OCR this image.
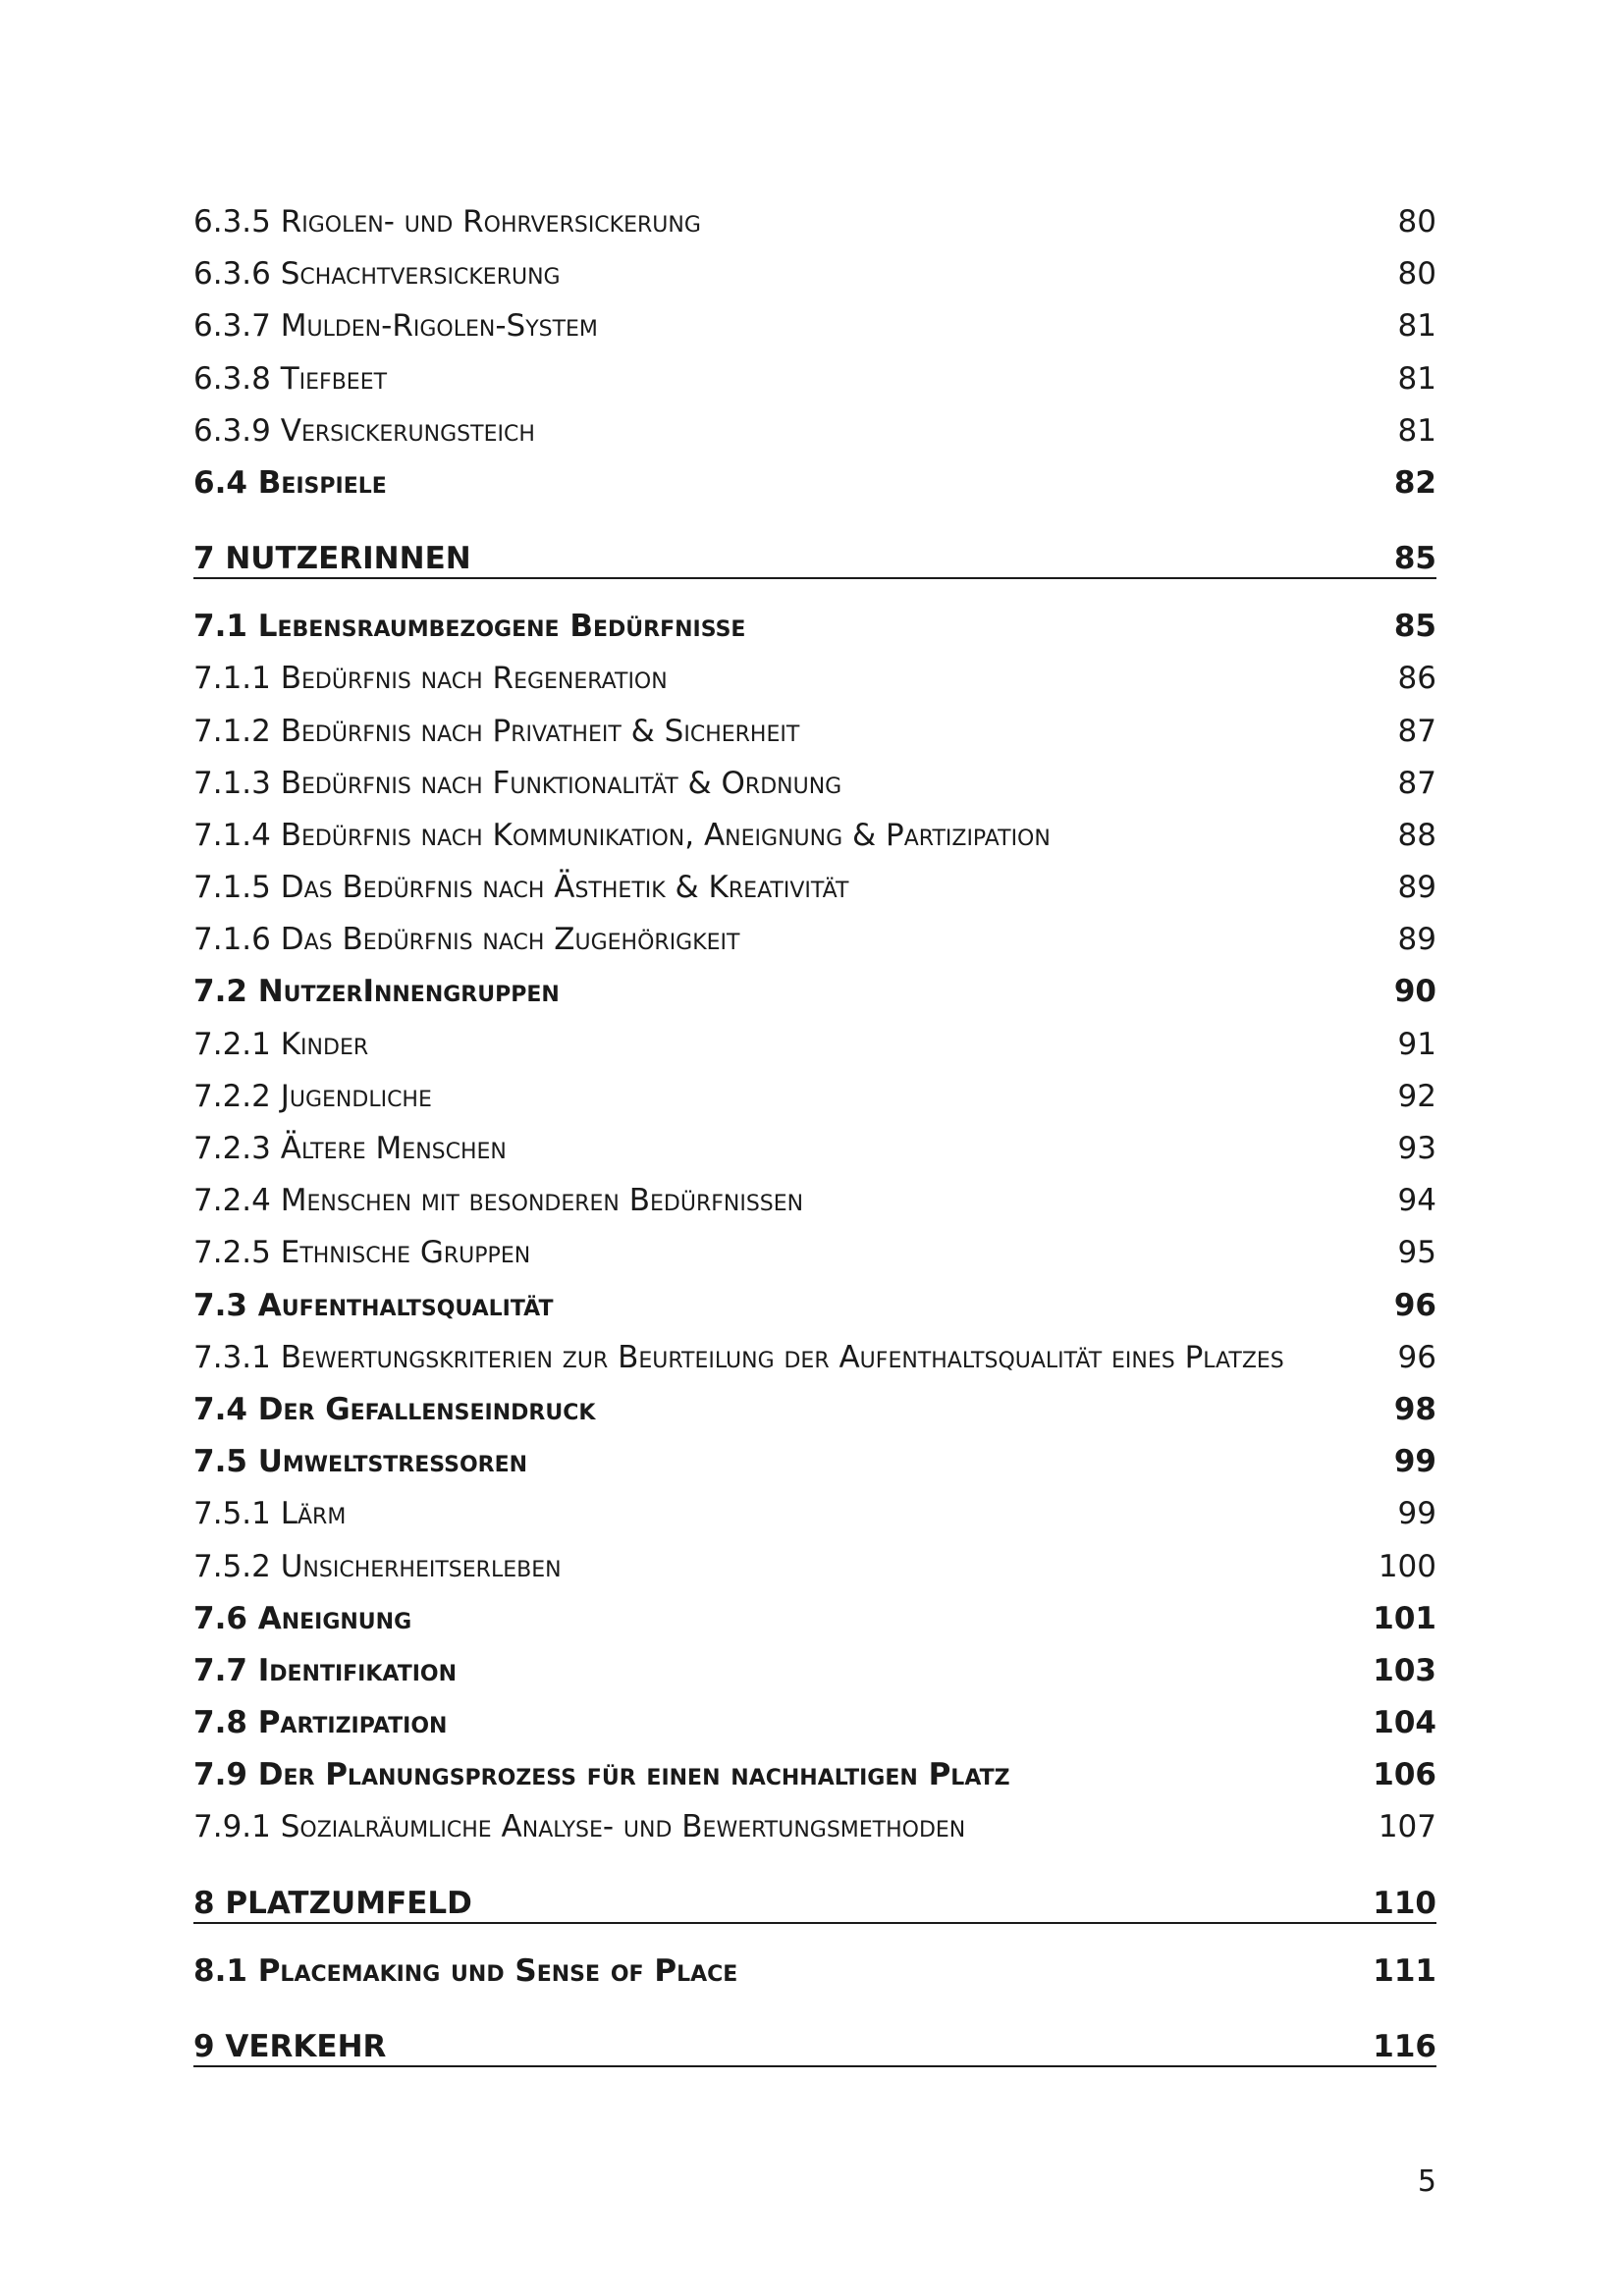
6.3.5 Rigolen- und Rohrversickerung	80
6.3.6 Schachtversickerung	80
6.3.7 Mulden-Rigolen-System	81
6.3.8 Tiefbeet	81
6.3.9 Versickerungsteich	81
6.4 Beispiele	82
7 NUTZERINNEN	85
7.1 Lebensraumbezogene Bedürfnisse	85
7.1.1 Bedürfnis nach Regeneration	86
7.1.2 Bedürfnis nach Privatheit & Sicherheit	87
7.1.3 Bedürfnis nach Funktionalität & Ordnung	87
7.1.4 Bedürfnis nach Kommunikation, Aneignung & Partizipation	88
7.1.5 Das Bedürfnis nach Ästhetik & Kreativität	89
7.1.6 Das Bedürfnis nach Zugehörigkeit	89
7.2 NutzerInnengruppen	90
7.2.1 Kinder	91
7.2.2 Jugendliche	92
7.2.3 Ältere Menschen	93
7.2.4 Menschen mit besonderen Bedürfnissen	94
7.2.5 Ethnische Gruppen	95
7.3 Aufenthaltsqualität	96
7.3.1 Bewertungskriterien zur Beurteilung der Aufenthaltsqualität eines Platzes	96
7.4 Der Gefallenseindruck	98
7.5 Umweltstressoren	99
7.5.1 Lärm	99
7.5.2 Unsicherheitserleben	100
7.6 Aneignung	101
7.7 Identifikation	103
7.8 Partizipation	104
7.9 Der Planungsprozess für einen nachhaltigen Platz	106
7.9.1 Sozialräumliche Analyse- und Bewertungsmethoden	107
8 PLATZUMFELD	110
8.1 Placemaking und Sense of Place	111
9 VERKEHR	116
5
